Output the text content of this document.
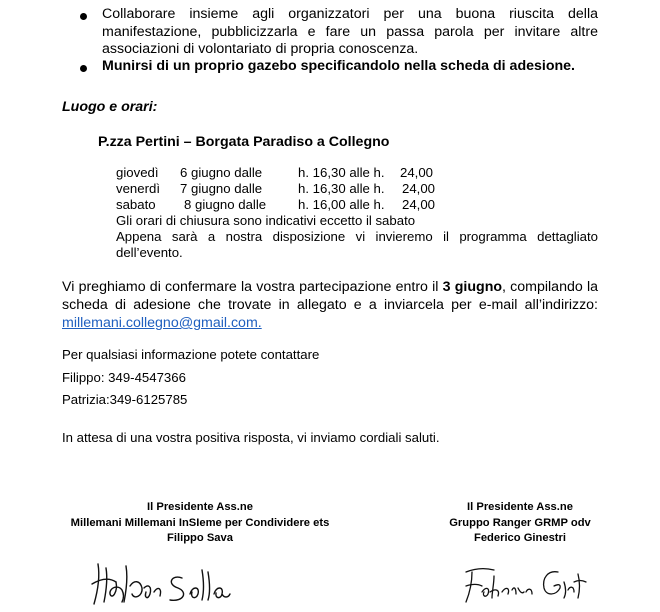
Collaborare insieme agli organizzatori per una buona riuscita della manifestazione, pubblicizzarla e fare un passa parola per invitare altre associazioni di volontariato di propria conoscenza.

Munirsi di un proprio gazebo specificandolo nella scheda di adesione.

Luogo e orari:
P.zza Pertini – Borgata Paradiso a Collegno
giovedì 6 giugno dalle	h. 16,30 alle h. 24,00
venerdì 7 giugno dalle	h. 16,30 alle h. 24,00
sabato 8 giugno dalle h. 16,00 alle h. 24,00
Gli orari di chiusura sono indicativi eccetto il sabato

Appena sarà a nostra disposizione vi invieremo il programma dettagliato dell’evento.

Vi preghiamo di confermare la vostra partecipazione entro il 3 giugno, compilando la scheda di adesione che trovate in allegato e a inviarcela per e-mail all’indirizzo: millemani.collegno@gmail.com.

Per qualsiasi informazione potete contattare
Filippo: 349-4547366
Patrizia:349-6125785
In attesa di una vostra positiva risposta, vi inviamo cordiali saluti.
Il Presidente Ass.ne
Millemani Millemani InSIeme per Condividere ets
Filippo Sava
Il Presidente Ass.ne
Gruppo Ranger GRMP odv
Federico Ginestri
